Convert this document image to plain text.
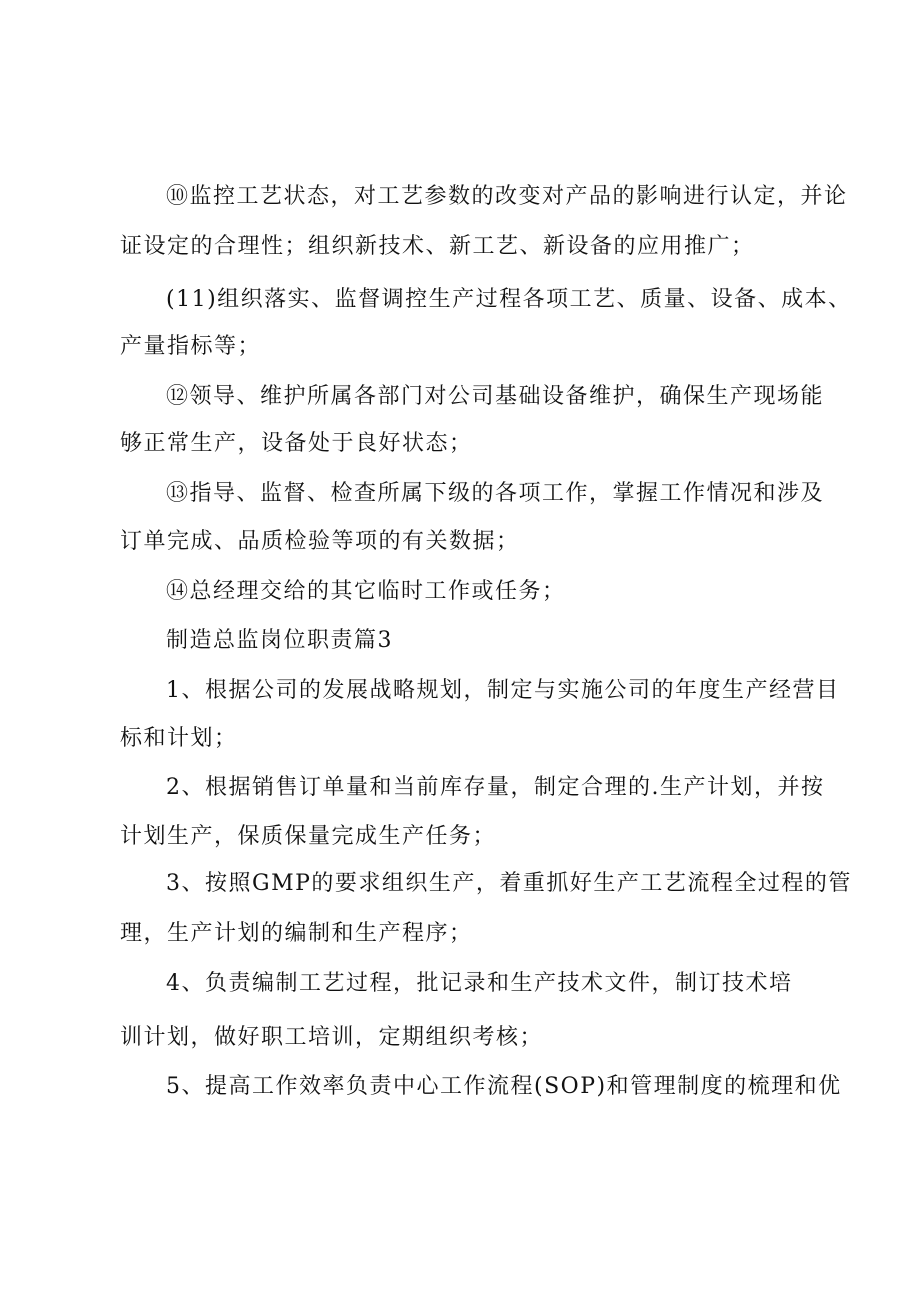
⑩监控工艺状态，对工艺参数的改变对产品的影响进行认定，并论
证设定的合理性；组织新技术、新工艺、新设备的应用推广；
(11)组织落实、监督调控生产过程各项工艺、质量、设备、成本、
产量指标等；
⑫领导、维护所属各部门对公司基础设备维护，确保生产现场能
够正常生产，设备处于良好状态；
⑬指导、监督、检查所属下级的各项工作，掌握工作情况和涉及
订单完成、品质检验等项的有关数据；
⑭总经理交给的其它临时工作或任务；
制造总监岗位职责篇3
1、根据公司的发展战略规划，制定与实施公司的年度生产经营目
标和计划；
2、根据销售订单量和当前库存量，制定合理的.生产计划，并按
计划生产，保质保量完成生产任务；
3、按照GMP的要求组织生产，着重抓好生产工艺流程全过程的管
理，生产计划的编制和生产程序；
4、负责编制工艺过程，批记录和生产技术文件，制订技术培
训计划，做好职工培训，定期组织考核；
5、提高工作效率负责中心工作流程(SOP)和管理制度的梳理和优
